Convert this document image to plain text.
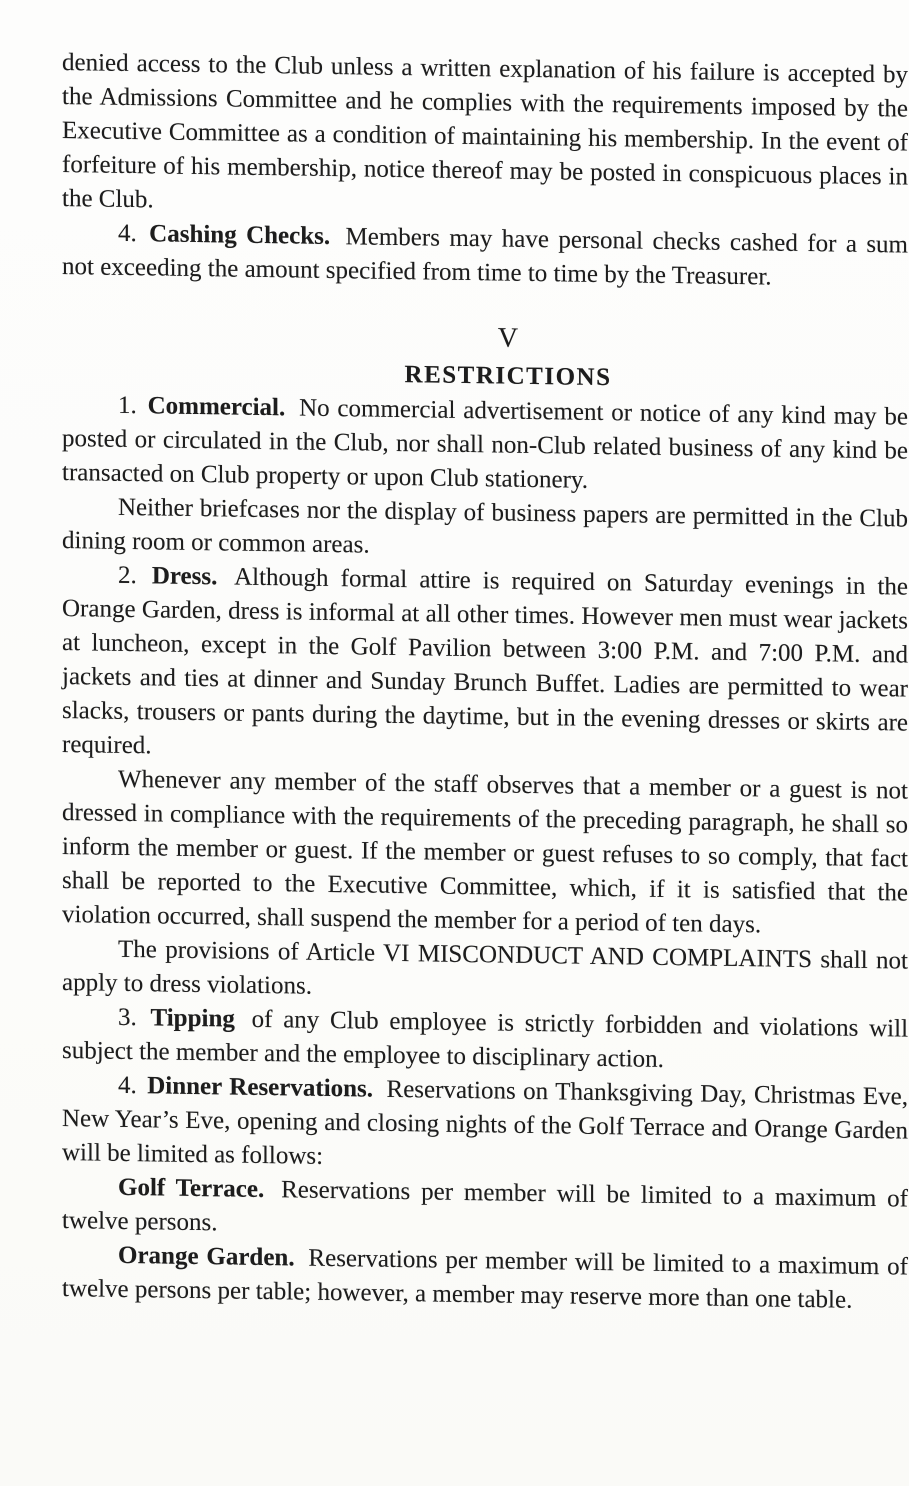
denied access to the Club unless a written explanation of his failure is accepted by the Admissions Committee and he complies with the requirements imposed by the Executive Committee as a condition of maintaining his membership. In the event of forfeiture of his membership, notice thereof may be posted in conspicuous places in the Club.

4. Cashing Checks. Members may have personal checks cashed for a sum not exceeding the amount specified from time to time by the Treasurer.

V
RESTRICTIONS

1. Commercial. No commercial advertisement or notice of any kind may be posted or circulated in the Club, nor shall non-Club related business of any kind be transacted on Club property or upon Club stationery.

Neither briefcases nor the display of business papers are permitted in the Club dining room or common areas.

2. Dress. Although formal attire is required on Saturday evenings in the Orange Garden, dress is informal at all other times. However men must wear jackets at luncheon, except in the Golf Pavilion between 3:00 P.M. and 7:00 P.M. and jackets and ties at dinner and Sunday Brunch Buffet. Ladies are permitted to wear slacks, trousers or pants during the daytime, but in the evening dresses or skirts are required.

Whenever any member of the staff observes that a member or a guest is not dressed in compliance with the requirements of the preceding paragraph, he shall so inform the member or guest. If the member or guest refuses to so comply, that fact shall be reported to the Executive Committee, which, if it is satisfied that the violation occurred, shall suspend the member for a period of ten days.

The provisions of Article VI MISCONDUCT AND COMPLAINTS shall not apply to dress violations.

3. Tipping of any Club employee is strictly forbidden and violations will subject the member and the employee to disciplinary action.

4. Dinner Reservations. Reservations on Thanksgiving Day, Christmas Eve, New Year’s Eve, opening and closing nights of the Golf Terrace and Orange Garden will be limited as follows:

Golf Terrace. Reservations per member will be limited to a maximum of twelve persons.

Orange Garden. Reservations per member will be limited to a maximum of twelve persons per table; however, a member may reserve more than one table.
